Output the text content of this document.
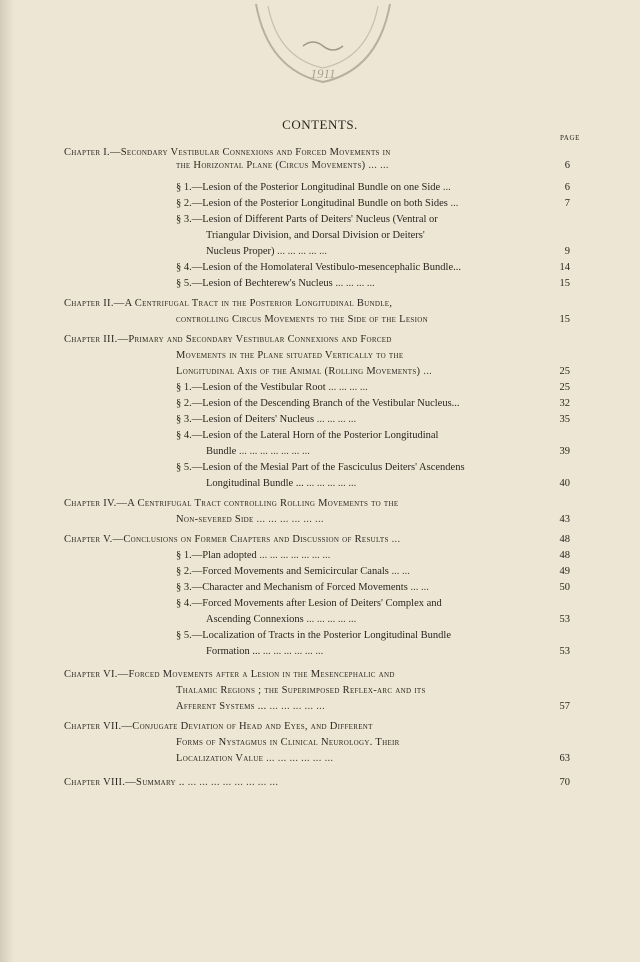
1911
CONTENTS.
PAGE
Chapter I.—Secondary Vestibular Connexions and Forced Movements in
the Horizontal Plane (Circus Movements) ... ...	6
§ 1.—Lesion of the Posterior Longitudinal Bundle on one Side ...	6
§ 2.—Lesion of the Posterior Longitudinal Bundle on both Sides ...	7
§ 3.—Lesion of Different Parts of Deiters' Nucleus (Ventral or
Triangular Division, and Dorsal Division or Deiters'
Nucleus Proper) ... ... ... ... ...	9
§ 4.—Lesion of the Homolateral Vestibulo-mesencephalic Bundle...	14
§ 5.—Lesion of Bechterew's Nucleus ... ... ... ...	15
Chapter II.—A Centrifugal Tract in the Posterior Longitudinal Bundle,
controlling Circus Movements to the Side of the Lesion	15
Chapter III.—Primary and Secondary Vestibular Connexions and Forced
Movements in the Plane situated Vertically to the
Longitudinal Axis of the Animal (Rolling Movements) ...	25
§ 1.—Lesion of the Vestibular Root ... ... ... ...	25
§ 2.—Lesion of the Descending Branch of the Vestibular Nucleus...	32
§ 3.—Lesion of Deiters' Nucleus ... ... ... ...	35
§ 4.—Lesion of the Lateral Horn of the Posterior Longitudinal
Bundle ... ... ... ... ... ... ...	39
§ 5.—Lesion of the Mesial Part of the Fasciculus Deiters' Ascendens
Longitudinal Bundle ... ... ... ... ... ...	40
Chapter IV.—A Centrifugal Tract controlling Rolling Movements to the
Non-severed Side ... ... ... ... ... ...	43
Chapter V.—Conclusions on Former Chapters and Discussion of Results ...	48
§ 1.—Plan adopted ... ... ... ... ... ... ...	48
§ 2.—Forced Movements and Semicircular Canals ... ...	49
§ 3.—Character and Mechanism of Forced Movements ... ...	50
§ 4.—Forced Movements after Lesion of Deiters' Complex and
Ascending Connexions ... ... ... ... ...	53
§ 5.—Localization of Tracts in the Posterior Longitudinal Bundle
Formation ... ... ... ... ... ... ...	53
Chapter VI.—Forced Movements after a Lesion in the Mesencephalic and
Thalamic Regions ; the Superimposed Reflex-arc and its
Afferent Systems ... ... ... ... ... ...	57
Chapter VII.—Conjugate Deviation of Head and Eyes, and Different
Forms of Nystagmus in Clinical Neurology. Their
Localization Value ... ... ... ... ... ...	63
Chapter VIII.—Summary .. ... ... ... ... ... ... ... ...	70
